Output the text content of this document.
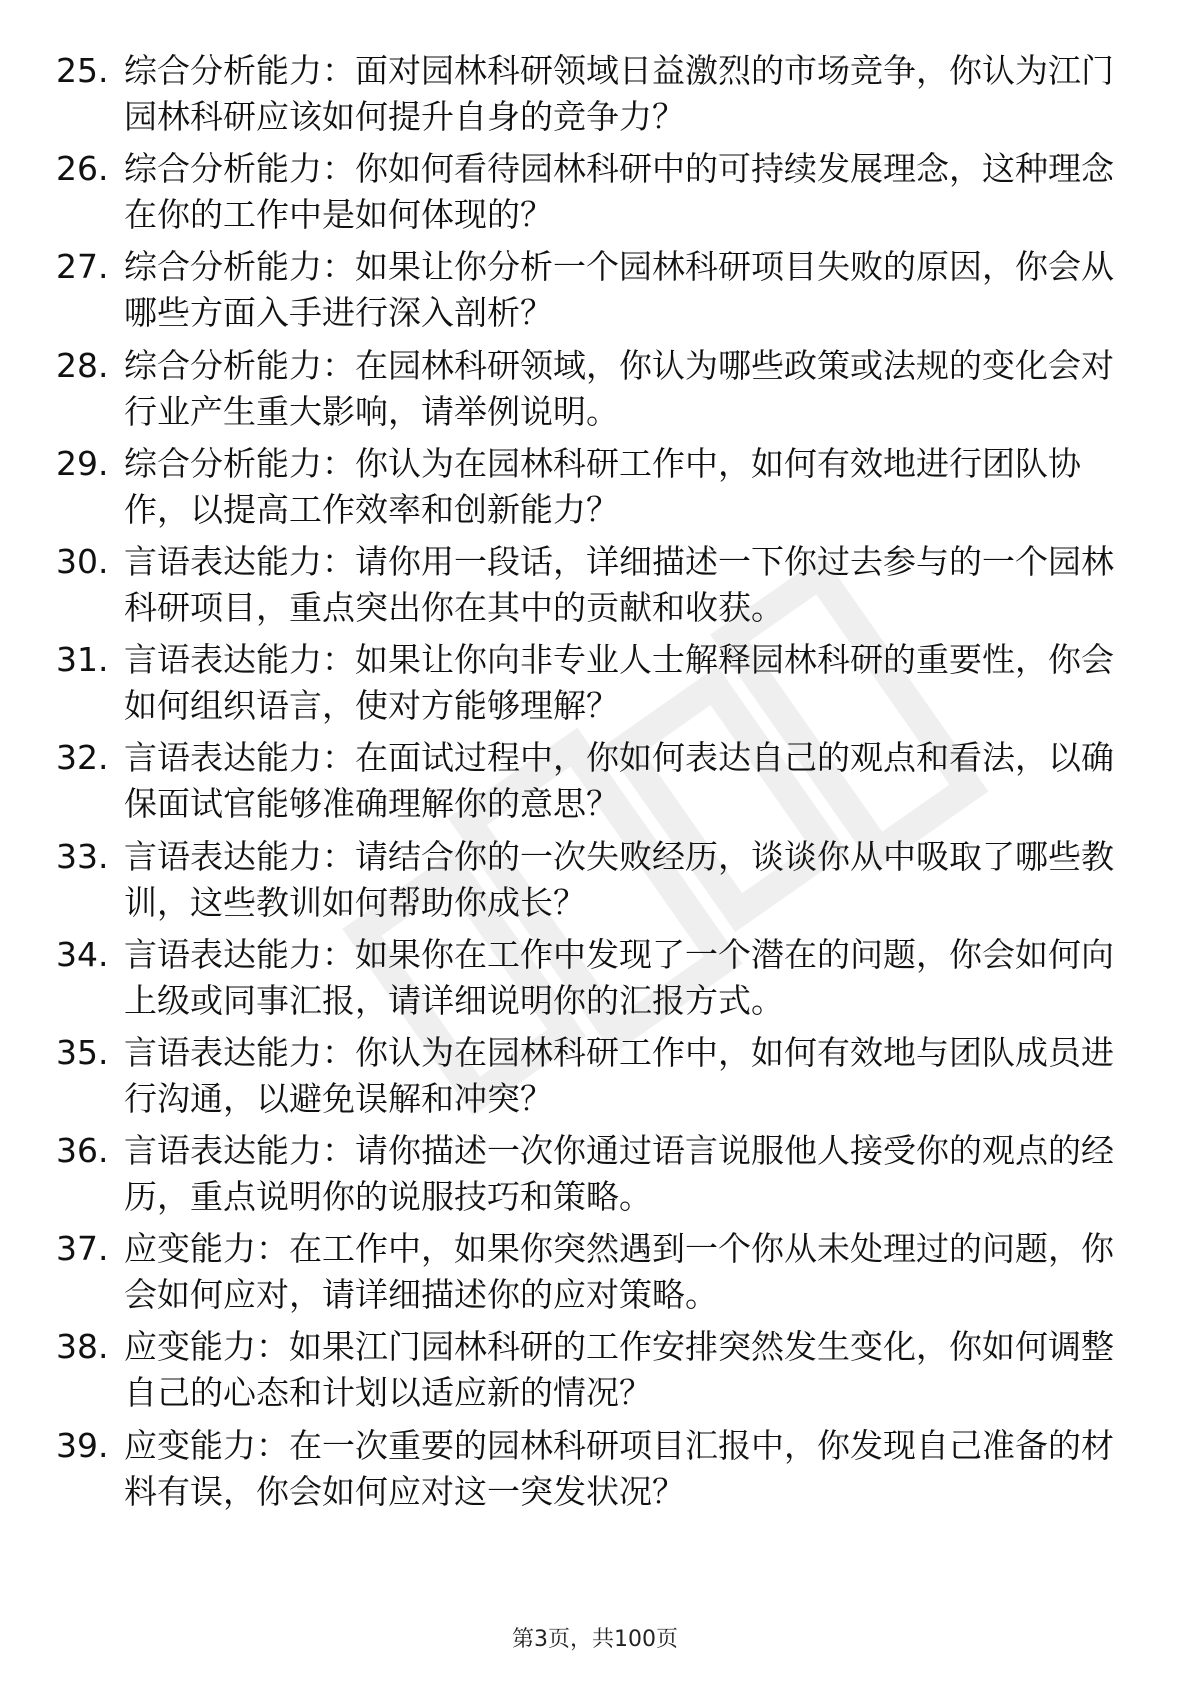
25. 综合分析能力：面对园林科研领域日益激烈的市场竞争，你认为江门园林科研应该如何提升自身的竞争力？
26. 综合分析能力：你如何看待园林科研中的可持续发展理念，这种理念在你的工作中是如何体现的？
27. 综合分析能力：如果让你分析一个园林科研项目失败的原因，你会从哪些方面入手进行深入剖析？
28. 综合分析能力：在园林科研领域，你认为哪些政策或法规的变化会对行业产生重大影响，请举例说明。
29. 综合分析能力：你认为在园林科研工作中，如何有效地进行团队协作，以提高工作效率和创新能力？
30. 言语表达能力：请你用一段话，详细描述一下你过去参与的一个园林科研项目，重点突出你在其中的贡献和收获。
31. 言语表达能力：如果让你向非专业人士解释园林科研的重要性，你会如何组织语言，使对方能够理解？
32. 言语表达能力：在面试过程中，你如何表达自己的观点和看法，以确保面试官能够准确理解你的意思？
33. 言语表达能力：请结合你的一次失败经历，谈谈你从中吸取了哪些教训，这些教训如何帮助你成长？
34. 言语表达能力：如果你在工作中发现了一个潜在的问题，你会如何向上级或同事汇报，请详细说明你的汇报方式。
35. 言语表达能力：你认为在园林科研工作中，如何有效地与团队成员进行沟通，以避免误解和冲突？
36. 言语表达能力：请你描述一次你通过语言说服他人接受你的观点的经历，重点说明你的说服技巧和策略。
37. 应变能力：在工作中，如果你突然遇到一个你从未处理过的问题，你会如何应对，请详细描述你的应对策略。
38. 应变能力：如果江门园林科研的工作安排突然发生变化，你如何调整自己的心态和计划以适应新的情况？
39. 应变能力：在一次重要的园林科研项目汇报中，你发现自己准备的材料有误，你会如何应对这一突发状况？
第3页，共100页
